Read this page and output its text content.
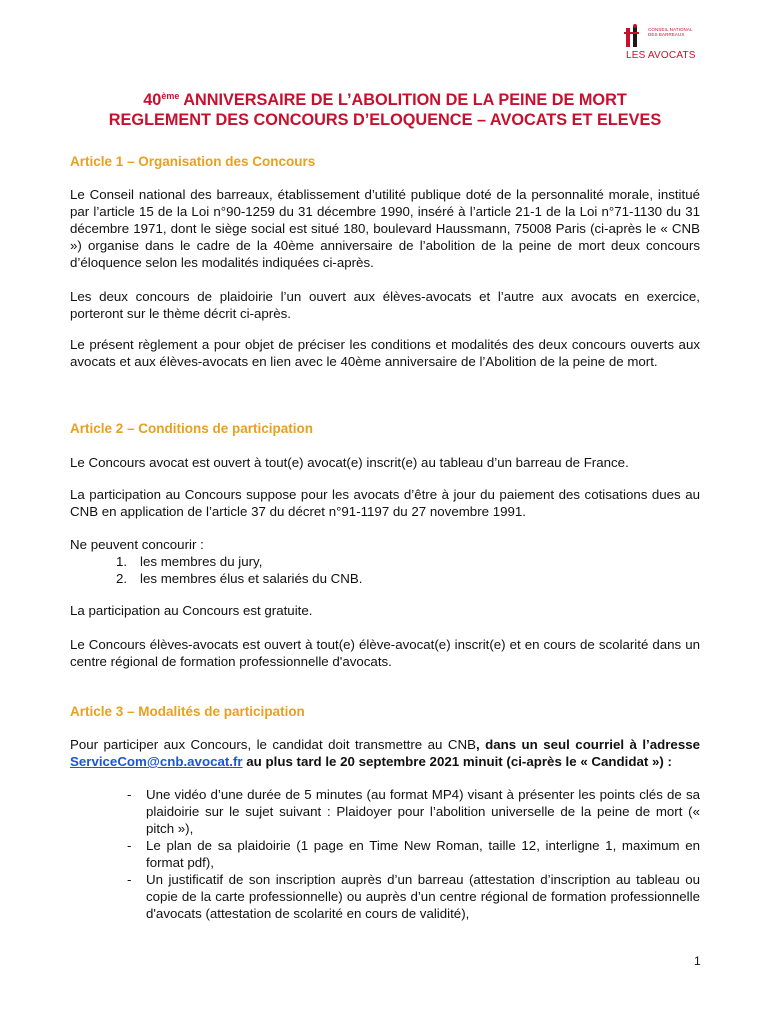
CONSEIL NATIONAL
DES BARREAUX
LES AVOCATS
40ème ANNIVERSAIRE DE L’ABOLITION DE LA PEINE DE MORT
REGLEMENT DES CONCOURS D’ELOQUENCE – AVOCATS ET ELEVES
Article 1 – Organisation des Concours
Le Conseil national des barreaux, établissement d’utilité publique doté de la personnalité morale, institué par l’article 15 de la Loi n°90-1259 du 31 décembre 1990, inséré à l’article 21-1 de la Loi n°71-1130 du 31 décembre 1971, dont le siège social est situé 180, boulevard Haussmann, 75008 Paris (ci-après le « CNB ») organise dans le cadre de la 40ème anniversaire de l’abolition de la peine de mort deux concours d’éloquence selon les modalités indiquées ci-après.
Les deux concours de plaidoirie l’un ouvert aux élèves-avocats et l’autre aux avocats en exercice, porteront sur le thème décrit ci-après.
Le présent règlement a pour objet de préciser les conditions et modalités des deux concours ouverts aux avocats et aux élèves-avocats en lien avec le 40ème anniversaire de l’Abolition de la peine de mort.
Article 2 – Conditions de participation
Le Concours avocat est ouvert à tout(e) avocat(e) inscrit(e) au tableau d’un barreau de France.
La participation au Concours suppose pour les avocats d’être à jour du paiement des cotisations dues au CNB en application de l’article 37 du décret n°91-1197 du 27 novembre 1991.
Ne peuvent concourir :
1. les membres du jury,
2. les membres élus et salariés du CNB.
La participation au Concours est gratuite.
Le Concours élèves-avocats est ouvert à tout(e) élève-avocat(e) inscrit(e) et en cours de scolarité dans un centre régional de formation professionnelle d'avocats.
Article 3 – Modalités de participation
Pour participer aux Concours, le candidat doit transmettre au CNB, dans un seul courriel à l’adresse ServiceCom@cnb.avocat.fr au plus tard le 20 septembre 2021 minuit (ci-après le « Candidat ») :
- Une vidéo d’une durée de 5 minutes (au format MP4) visant à présenter les points clés de sa plaidoirie sur le sujet suivant : Plaidoyer pour l’abolition universelle de la peine de mort (« pitch »),
- Le plan de sa plaidoirie (1 page en Time New Roman, taille 12, interligne 1, maximum en format pdf),
- Un justificatif de son inscription auprès d’un barreau (attestation d’inscription au tableau ou copie de la carte professionnelle) ou auprès d’un centre régional de formation professionnelle d'avocats (attestation de scolarité en cours de validité),
1
